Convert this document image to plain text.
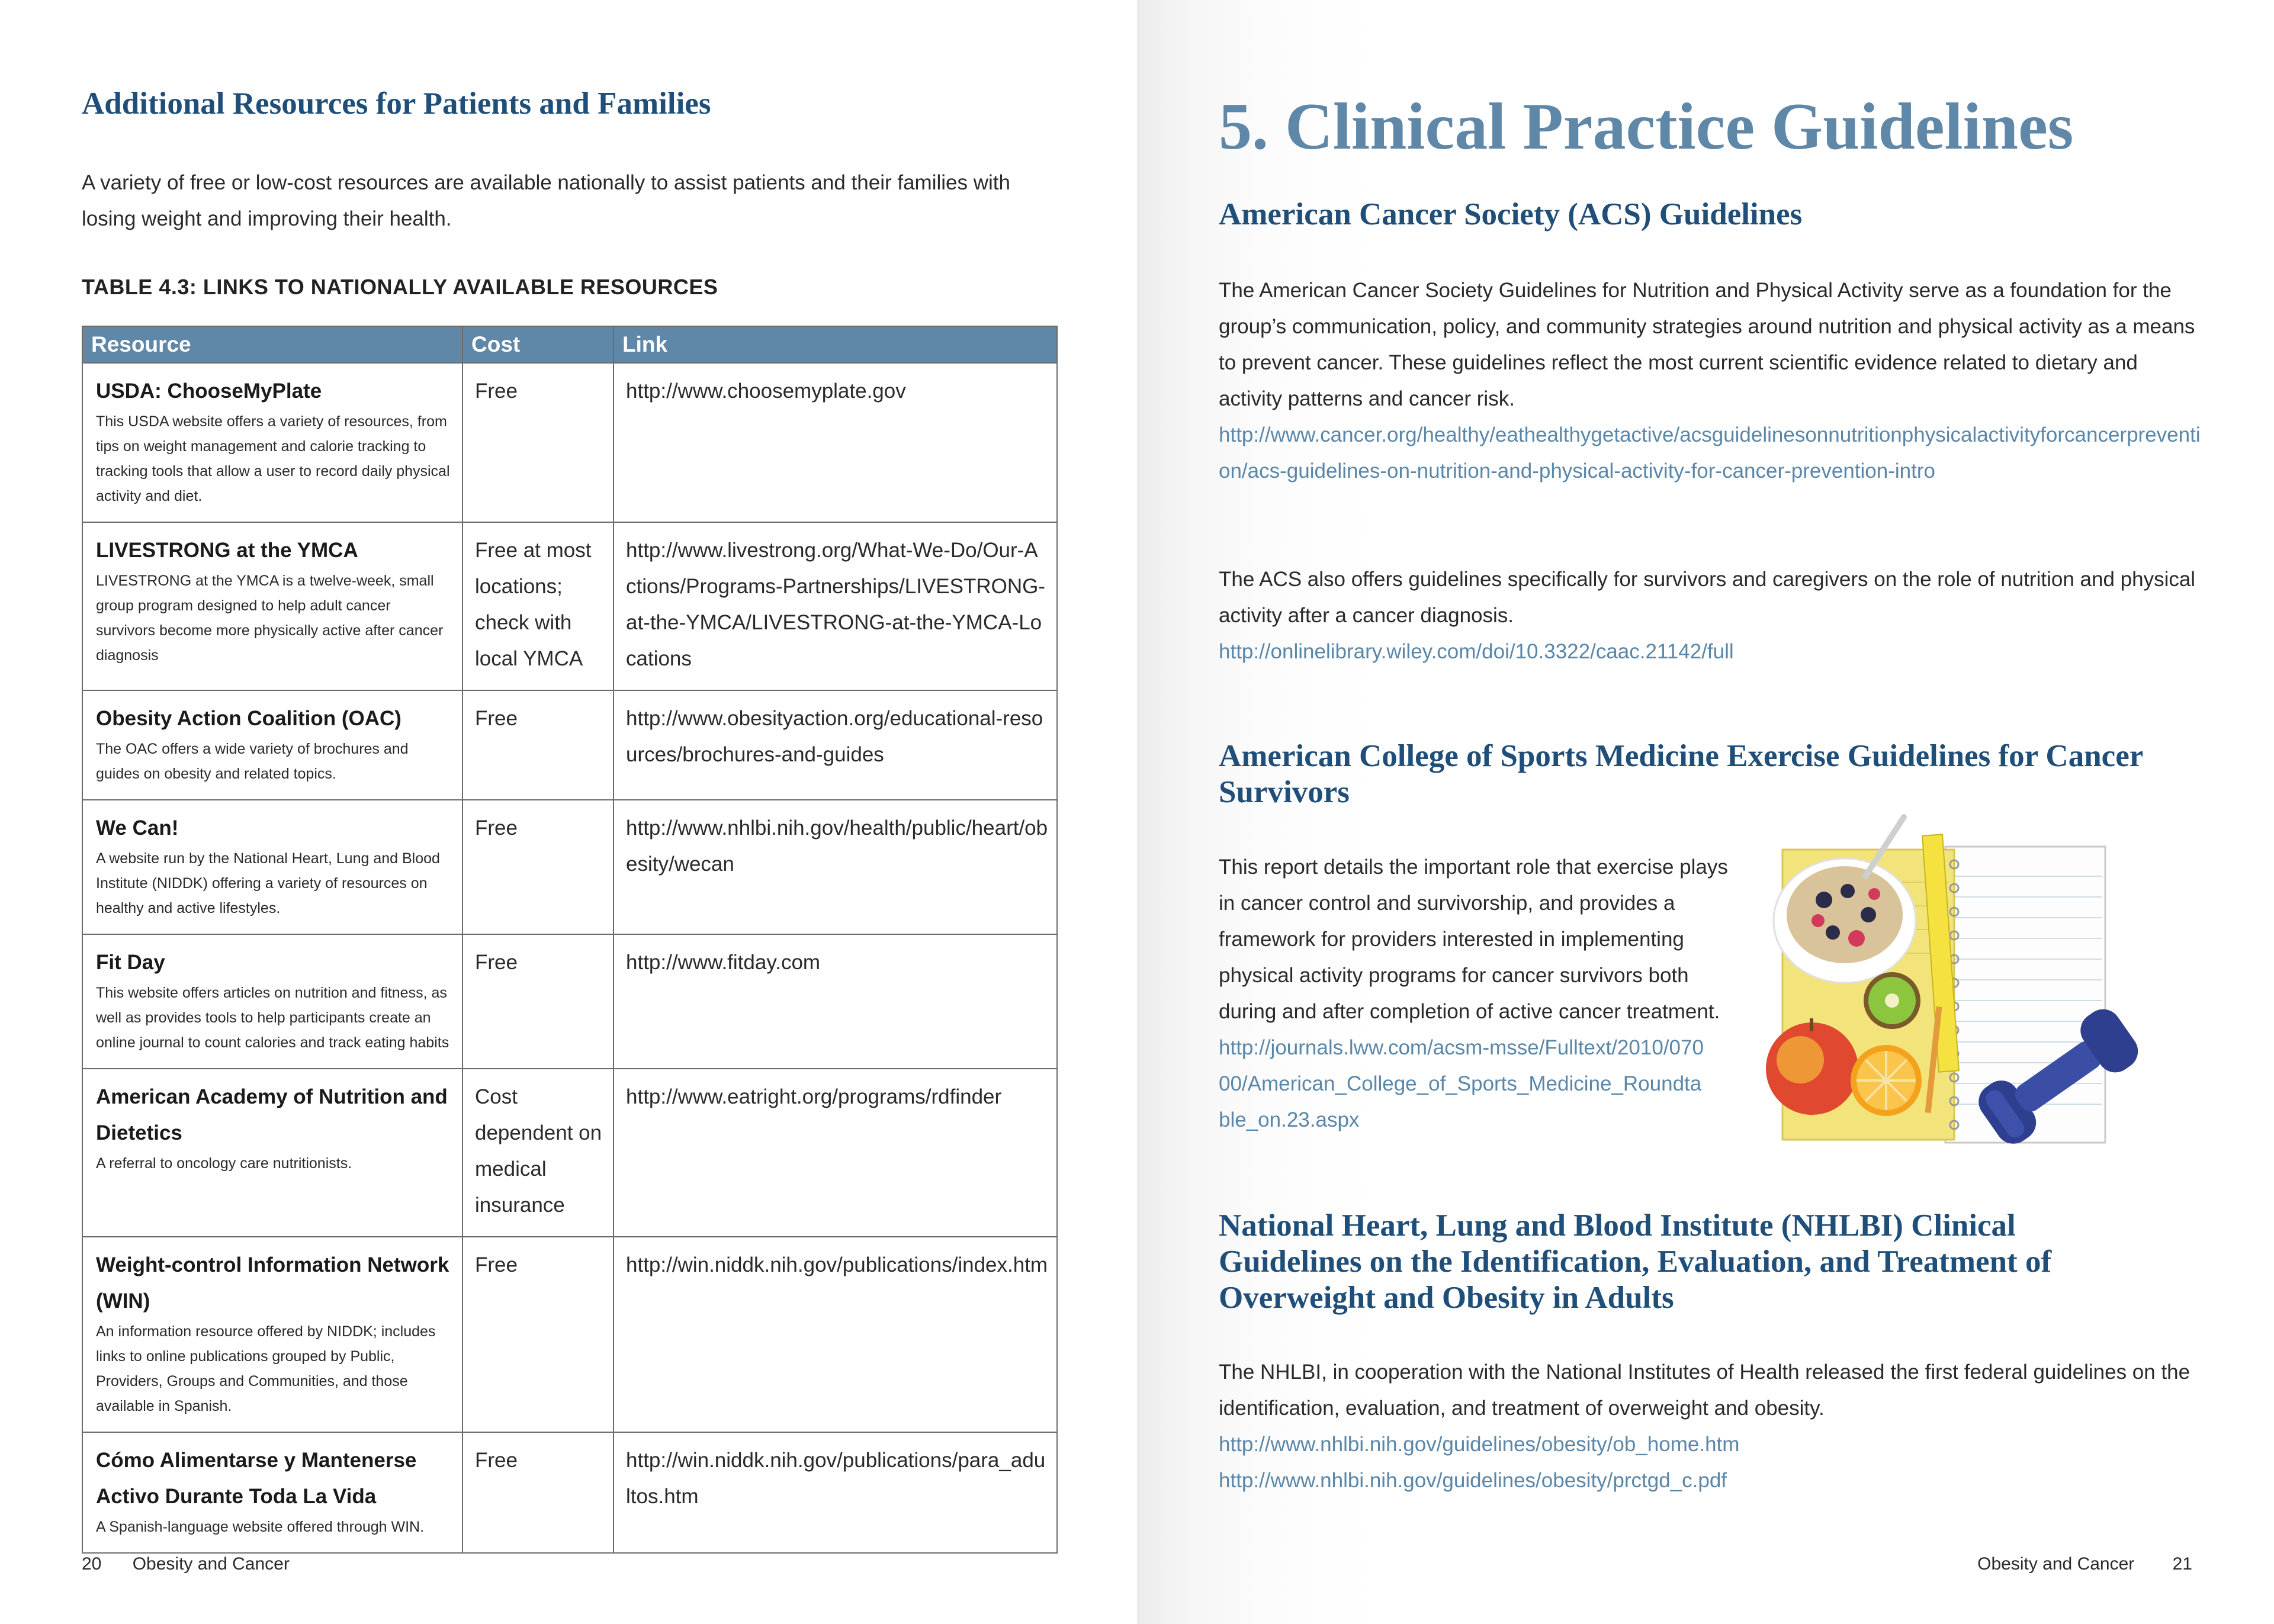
Additional Resources for Patients and Families

A variety of free or low-cost resources are available nationally to assist patients and their families with losing weight and improving their health.

TABLE 4.3: LINKS TO NATIONALLY AVAILABLE RESOURCES
Resource	Cost	Link

USDA: ChooseMyPlate
This USDA website offers a variety of resources, from tips on weight management and calorie tracking to tracking tools that allow a user to record daily physical activity and diet.	Free	http://www.choosemyplate.gov

LIVESTRONG at the YMCA
LIVESTRONG at the YMCA is a twelve-week, small group program designed to help adult cancer survivors become more physically active after cancer diagnosis	Free at most locations; check with local YMCA	http://www.livestrong.org/What-We-Do/Our-Actions/Programs-Partnerships/LIVESTRONG-at-the-YMCA/LIVESTRONG-at-the-YMCA-Locations

Obesity Action Coalition (OAC)
The OAC offers a wide variety of brochures and guides on obesity and related topics.	Free	http://www.obesityaction.org/educational-resources/brochures-and-guides

We Can!
A website run by the National Heart, Lung and Blood Institute (NIDDK) offering a variety of resources on healthy and active lifestyles.	Free	http://www.nhlbi.nih.gov/health/public/heart/obesity/wecan

Fit Day
This website offers articles on nutrition and fitness, as well as provides tools to help participants create an online journal to count calories and track eating habits	Free	http://www.fitday.com

American Academy of Nutrition and Dietetics
A referral to oncology care nutritionists.	Cost dependent on medical insurance	http://www.eatright.org/programs/rdfinder

Weight-control Information Network (WIN)
An information resource offered by NIDDK; includes links to online publications grouped by Public, Providers, Groups and Communities, and those available in Spanish.	Free	http://win.niddk.nih.gov/publications/index.htm

Cómo Alimentarse y Mantenerse Activo Durante Toda La Vida
A Spanish-language website offered through WIN.	Free	http://win.niddk.nih.gov/publications/para_adultos.htm
20 Obesity and Cancer
5. Clinical Practice Guidelines
American Cancer Society (ACS) Guidelines

The American Cancer Society Guidelines for Nutrition and Physical Activity serve as a foundation for the group’s communication, policy, and community strategies around nutrition and physical activity as a means to prevent cancer. These guidelines reflect the most current scientific evidence related to dietary and activity patterns and cancer risk.
http://www.cancer.org/healthy/eathealthygetactive/acsguidelinesonnutritionphysicalactivityforcancerprevention/acs-guidelines-on-nutrition-and-physical-activity-for-cancer-prevention-intro

The ACS also offers guidelines specifically for survivors and caregivers on the role of nutrition and physical activity after a cancer diagnosis.
http://onlinelibrary.wiley.com/doi/10.3322/caac.21142/full

American College of Sports Medicine Exercise Guidelines for Cancer Survivors

This report details the important role that exercise plays in cancer control and survivorship, and provides a framework for providers interested in implementing physical activity programs for cancer survivors both during and after completion of active cancer treatment.
http://journals.lww.com/acsm-msse/Fulltext/2010/07000/American_College_of_Sports_Medicine_Roundtable_on.23.aspx

National Heart, Lung and Blood Institute (NHLBI) Clinical Guidelines on the Identification, Evaluation, and Treatment of Overweight and Obesity in Adults

The NHLBI, in cooperation with the National Institutes of Health released the first federal guidelines on the identification, evaluation, and treatment of overweight and obesity.
http://www.nhlbi.nih.gov/guidelines/obesity/ob_home.htm
http://www.nhlbi.nih.gov/guidelines/obesity/prctgd_c.pdf

Obesity and Cancer 21
